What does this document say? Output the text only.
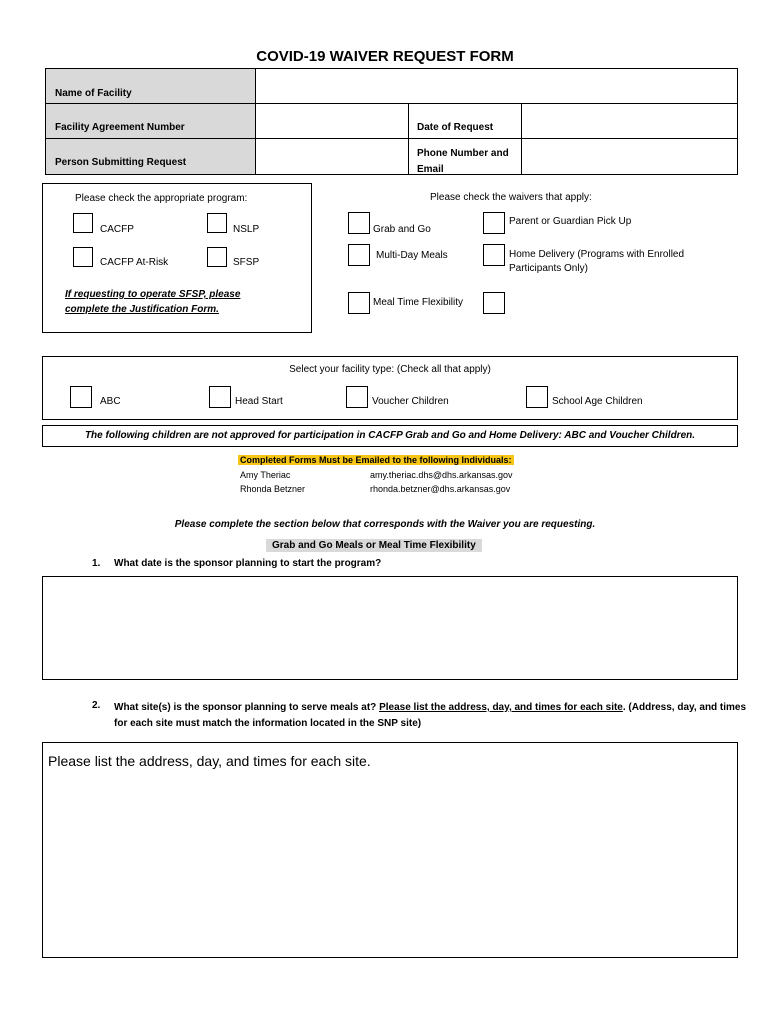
COVID-19 WAIVER REQUEST FORM
Name of Facility
Facility Agreement Number	Date of Request
Person Submitting Request
Phone Number and Email
Please check the appropriate program:
CACFP	NSLP
CACFP At-Risk	SFSP
If requesting to operate SFSP, please complete the Justification Form.
Please check the waivers that apply:
Grab and Go
Parent or Guardian Pick Up
Multi-Day Meals	Home Delivery (Programs with Enrolled Participants Only)
Meal Time Flexibility
Select your facility type: (Check all that apply)
ABC	Head Start	Voucher Children	School Age Children
The following children are not approved for participation in CACFP Grab and Go and Home Delivery: ABC and Voucher Children.
Completed Forms Must be Emailed to the following Individuals:
Amy Theriac	amy.theriac.dhs@dhs.arkansas.gov
Rhonda Betzner	rhonda.betzner@dhs.arkansas.gov
Please complete the section below that corresponds with the Waiver you are requesting.
Grab and Go Meals or Meal Time Flexibility
1. What date is the sponsor planning to start the program?
2. What site(s) is the sponsor planning to serve meals at? Please list the address, day, and times for each site. (Address, day, and times for each site must match the information located in the SNP site)
Please list the address, day, and times for each site.
